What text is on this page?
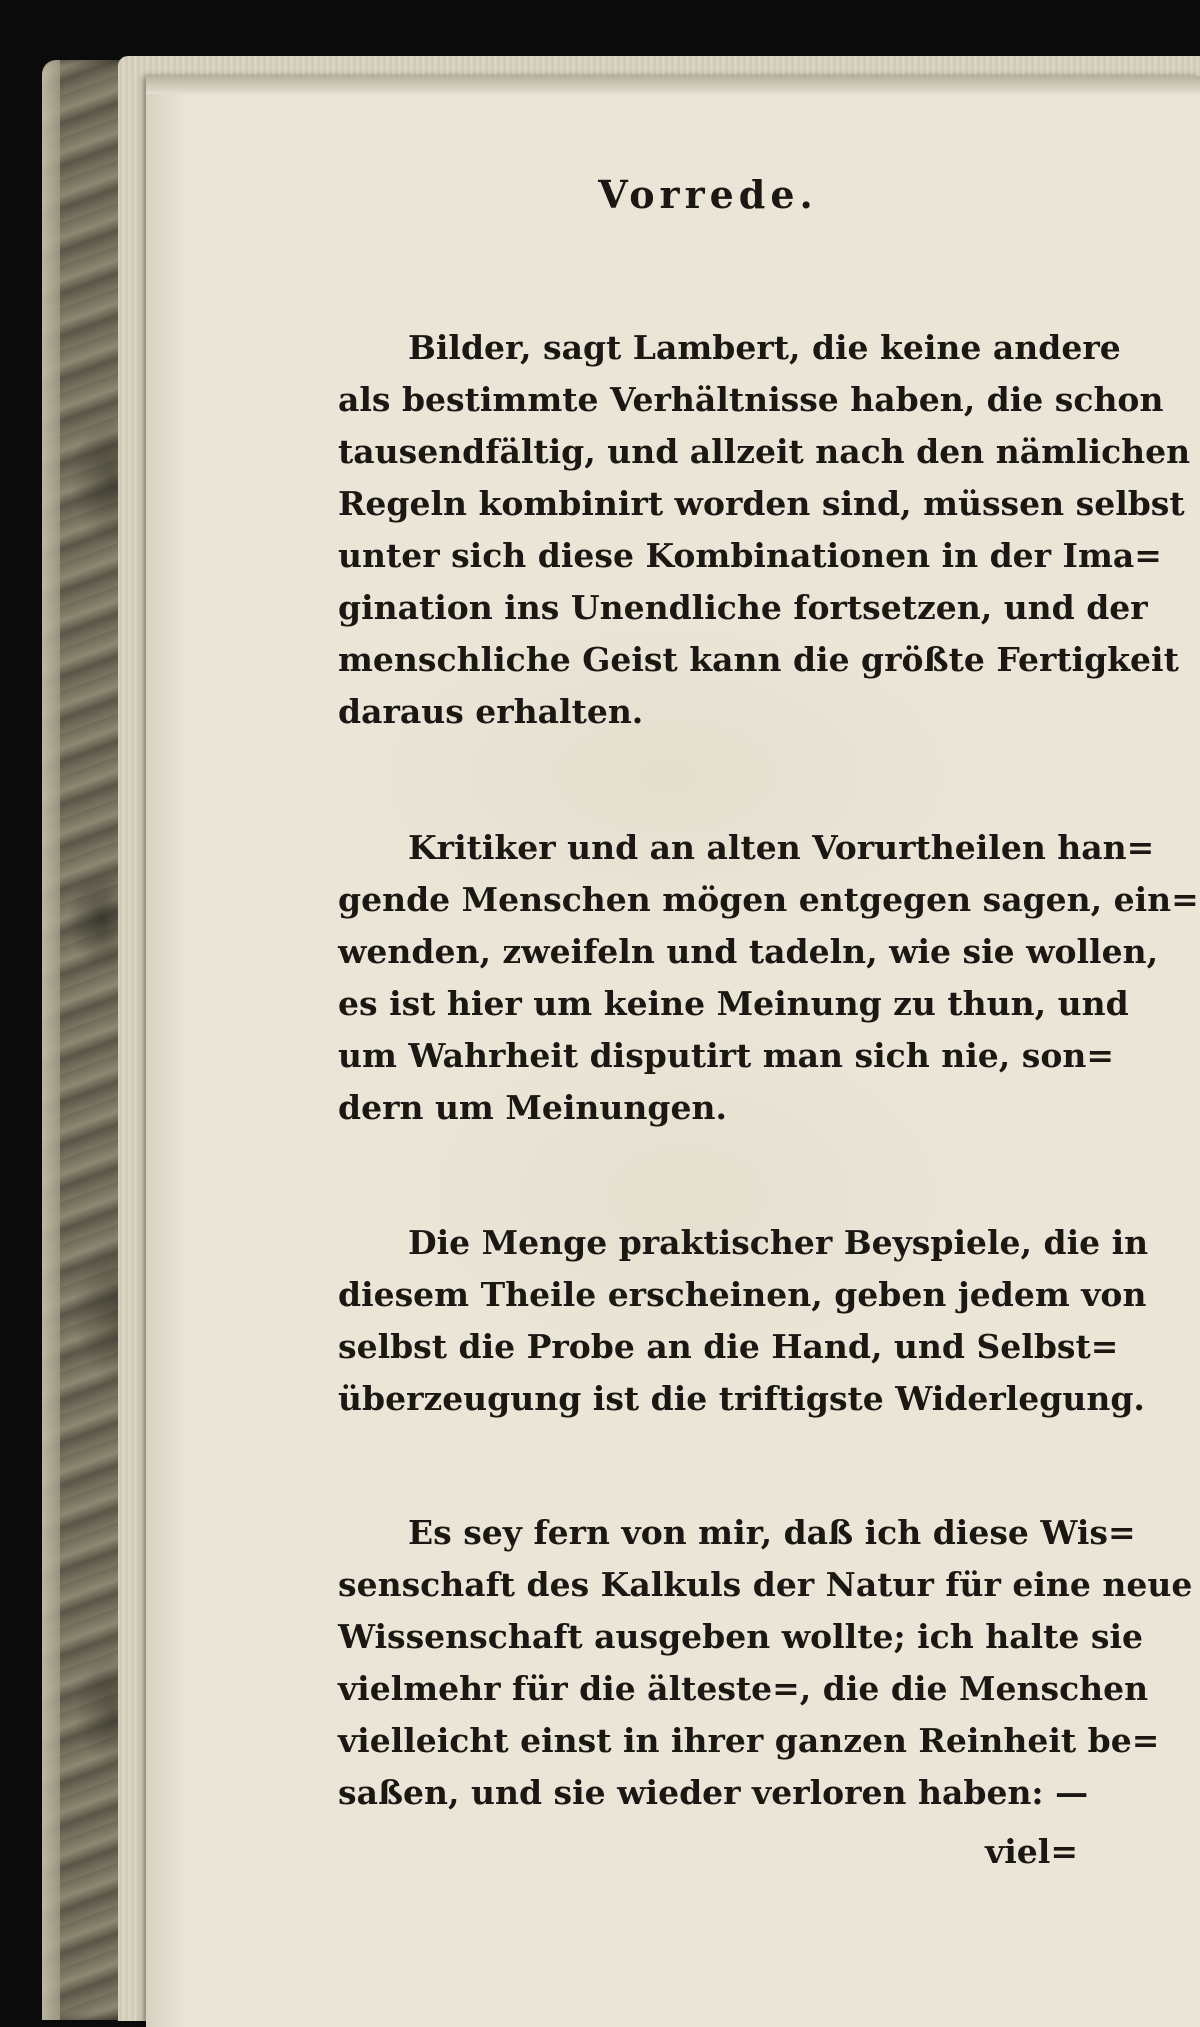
Vorrede.
Bilder, sagt Lambert, die keine andere
als bestimmte Verhältnisse haben, die schon
tausendfältig, und allzeit nach den nämlichen
Regeln kombinirt worden sind, müssen selbst
unter sich diese Kombinationen in der Ima=
gination ins Unendliche fortsetzen, und der
menschliche Geist kann die größte Fertigkeit
daraus erhalten.
Kritiker und an alten Vorurtheilen han=
gende Menschen mögen entgegen sagen, ein=
wenden, zweifeln und tadeln, wie sie wollen,
es ist hier um keine Meinung zu thun, und
um Wahrheit disputirt man sich nie, son=
dern um Meinungen.
Die Menge praktischer Beyspiele, die in
diesem Theile erscheinen, geben jedem von
selbst die Probe an die Hand, und Selbst=
überzeugung ist die triftigste Widerlegung.
Es sey fern von mir, daß ich diese Wis=
senschaft des Kalkuls der Natur für eine neue
Wissenschaft ausgeben wollte; ich halte sie
vielmehr für die älteste=, die die Menschen
vielleicht einst in ihrer ganzen Reinheit be=
saßen, und sie wieder verloren haben: —
viel=
